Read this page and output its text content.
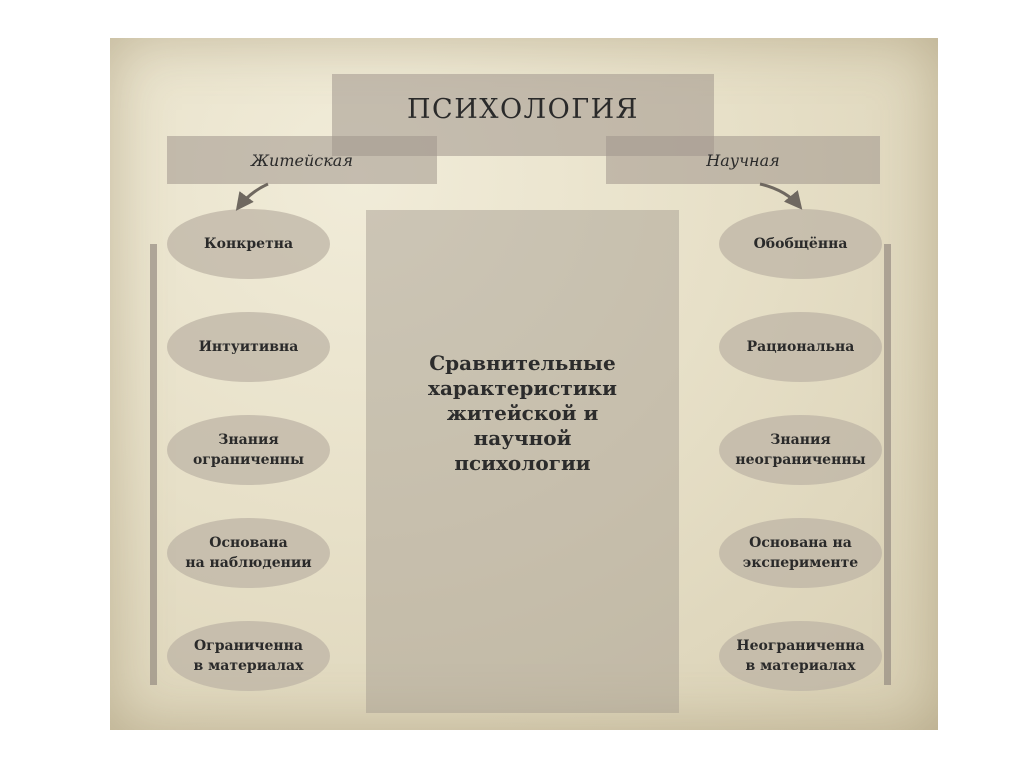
ПСИХОЛОГИЯ
Житейская	Научная
Сравнительные
характеристики
житейской и
научной
психологии
Конкретна
Интуитивна
Знания
ограниченны
Основана
на наблюдении
Ограниченна
в материалах
Обобщённа
Рациональна
Знания
неограниченны
Основана на
эксперименте
Неограниченна
в материалах
